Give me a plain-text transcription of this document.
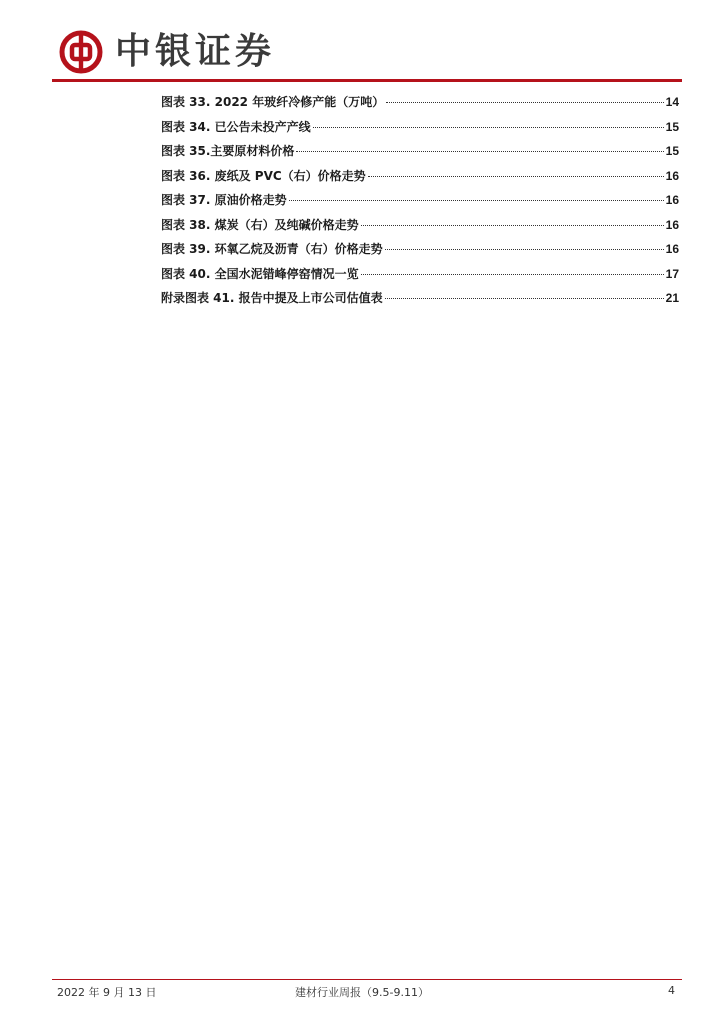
中银证券
图表 33. 2022 年玻纤冷修产能（万吨）	14
图表 34. 已公告未投产产线	15
图表 35.主要原材料价格	15
图表 36. 废纸及 PVC（右）价格走势	16
图表 37. 原油价格走势	16
图表 38. 煤炭（右）及纯碱价格走势	16
图表 39. 环氧乙烷及沥青（右）价格走势	16
图表 40. 全国水泥错峰停窑情况一览	17
附录图表 41. 报告中提及上市公司估值表	21
2022 年 9 月 13 日	建材行业周报（9.5-9.11）	4
